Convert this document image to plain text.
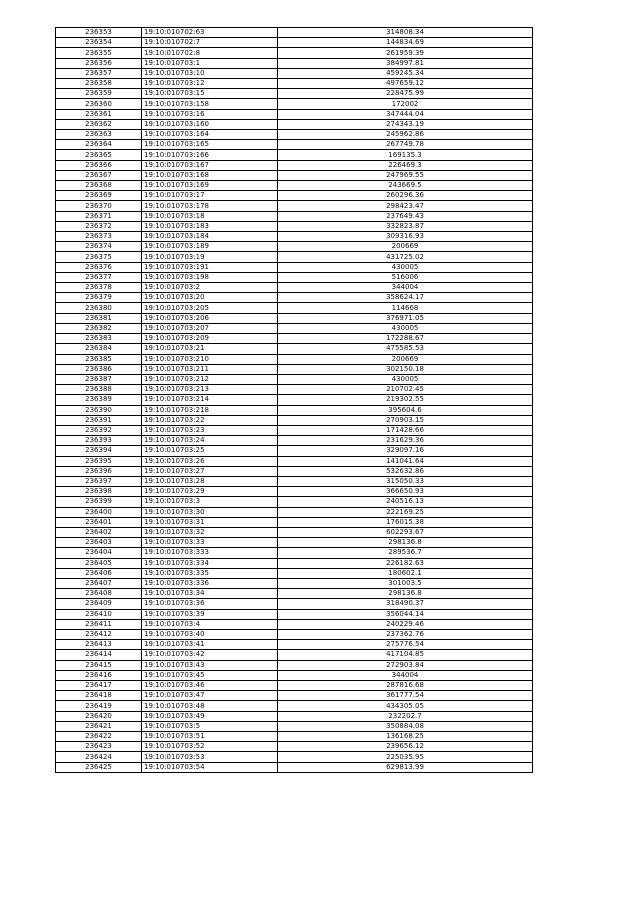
236353	19:10:010702:63	314808.34
236354	19:10:010702:7	144834.69
236355	19:10:010702:8	261959.39
236356	19:10:010703:1	384997.81
236357	19:10:010703:10	459245.34
236358	19:10:010703:12	497659.12
236359	19:10:010703:15	228475.99
236360	19:10:010703:158	172002
236361	19:10:010703:16	347444.04
236362	19:10:010703:160	274343.19
236363	19:10:010703:164	245962.86
236364	19:10:010703:165	267749.78
236365	19:10:010703:166	169135.3
236366	19:10:010703:167	226469.3
236367	19:10:010703:168	247969.55
236368	19:10:010703:169	243669.5
236369	19:10:010703:17	260296.36
236370	19:10:010703:178	298423.47
236371	19:10:010703:18	237649.43
236372	19:10:010703:183	332823.87
236373	19:10:010703:184	309316.93
236374	19:10:010703:189	200669
236375	19:10:010703:19	431725.02
236376	19:10:010703:191	430005
236377	19:10:010703:198	516006
236378	19:10:010703:2	344004
236379	19:10:010703:20	358624.17
236380	19:10:010703:205	114668
236381	19:10:010703:206	376971.05
236382	19:10:010703:207	430005
236383	19:10:010703:209	172288.67
236384	19:10:010703:21	475585.53
236385	19:10:010703:210	200669
236386	19:10:010703:211	302150.18
236387	19:10:010703:212	430005
236388	19:10:010703:213	210702.45
236389	19:10:010703:214	219302.55
236390	19:10:010703:218	395604.6
236391	19:10:010703:22	270903.15
236392	19:10:010703:23	171428.66
236393	19:10:010703:24	231629.36
236394	19:10:010703:25	329097.16
236395	19:10:010703:26	141041.64
236396	19:10:010703:27	532632.86
236397	19:10:010703:28	315050.33
236398	19:10:010703:29	366650.93
236399	19:10:010703:3	240516.13
236400	19:10:010703:30	222169.25
236401	19:10:010703:31	176015.38
236402	19:10:010703:32	602293.67
236403	19:10:010703:33	298136.8
236404	19:10:010703:333	289536.7
236405	19:10:010703:334	226182.63
236406	19:10:010703:335	180602.1
236407	19:10:010703:336	301003.5
236408	19:10:010703:34	298136.8
236409	19:10:010703:36	318490.37
236410	19:10:010703:39	356044.14
236411	19:10:010703:4	240229.46
236412	19:10:010703:40	237362.76
236413	19:10:010703:41	275776.54
236414	19:10:010703:42	417104.85
236415	19:10:010703:43	272903.84
236416	19:10:010703:45	344004
236417	19:10:010703:46	287816.68
236418	19:10:010703:47	361777.54
236419	19:10:010703:48	434305.05
236420	19:10:010703:49	232202.7
236421	19:10:010703:5	350884.08
236422	19:10:010703:51	136168.25
236423	19:10:010703:52	239656.12
236424	19:10:010703:53	225035.95
236425	19:10:010703:54	629813.99
